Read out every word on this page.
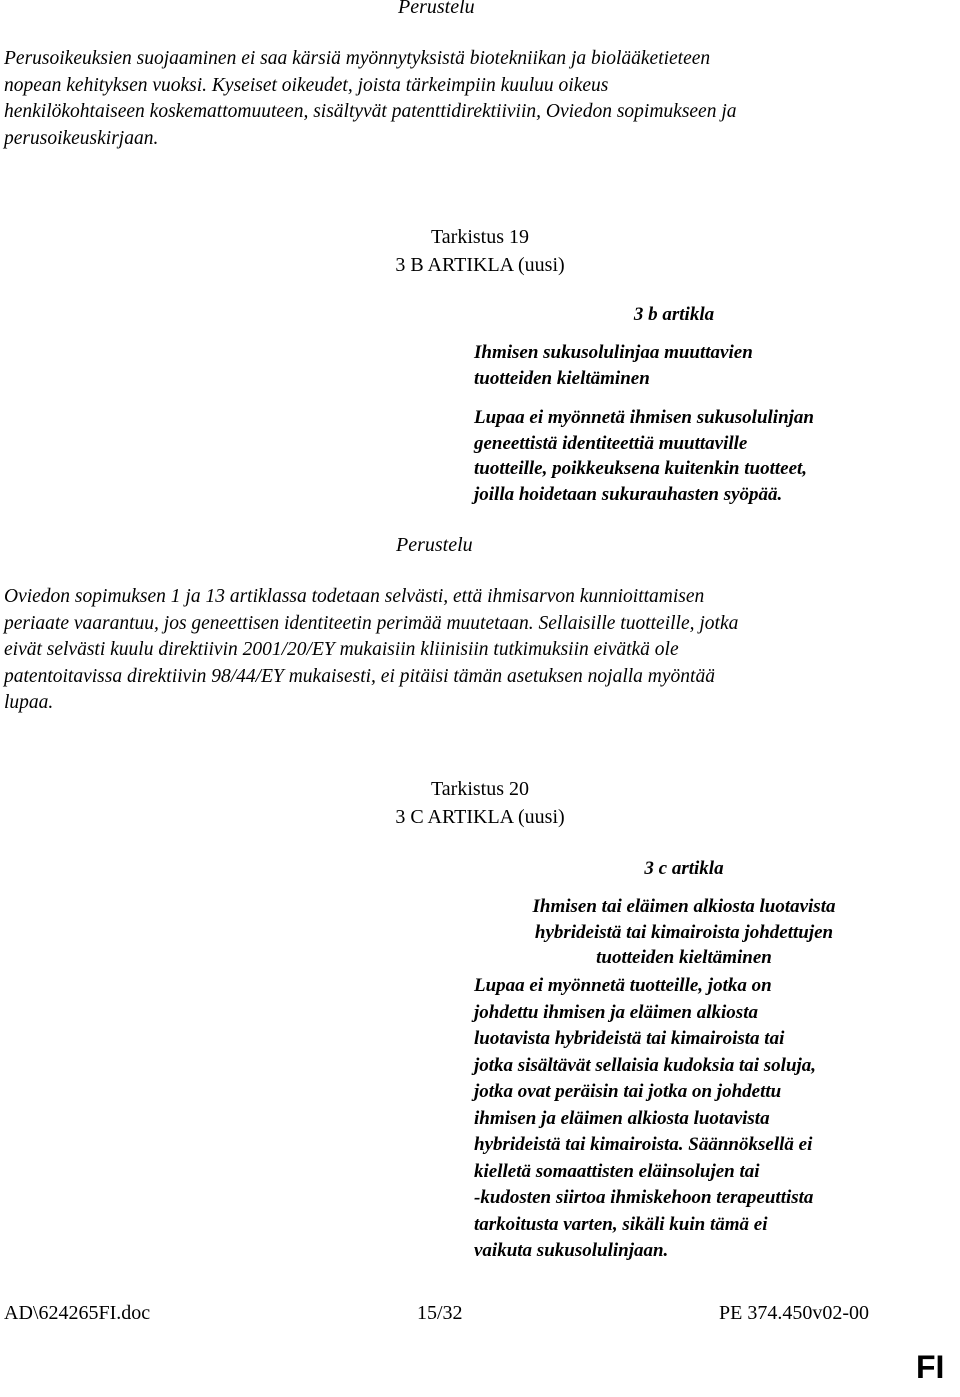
Perustelu
Perusoikeuksien suojaaminen ei saa kärsiä myönnytyksistä biotekniikan ja biolääketieteen
nopean kehityksen vuoksi. Kyseiset oikeudet, joista tärkeimpiin kuuluu oikeus
henkilökohtaiseen koskemattomuuteen, sisältyvät patenttidirektiiviin, Oviedon sopimukseen ja
perusoikeuskirjaan.
Tarkistus 19
3 B ARTIKLA (uusi)
3 b artikla
Ihmisen sukusolulinjaa muuttavien
tuotteiden kieltäminen
Lupaa ei myönnetä ihmisen sukusolulinjan
geneettistä identiteettiä muuttaville
tuotteille, poikkeuksena kuitenkin tuotteet,
joilla hoidetaan sukurauhasten syöpää.
Perustelu
Oviedon sopimuksen 1 ja 13 artiklassa todetaan selvästi, että ihmisarvon kunnioittamisen
periaate vaarantuu, jos geneettisen identiteetin perimää muutetaan. Sellaisille tuotteille, jotka
eivät selvästi kuulu direktiivin 2001/20/EY mukaisiin kliinisiin tutkimuksiin eivätkä ole
patentoitavissa direktiivin 98/44/EY mukaisesti, ei pitäisi tämän asetuksen nojalla myöntää
lupaa.
Tarkistus 20
3 C ARTIKLA (uusi)
3 c artikla
Ihmisen tai eläimen alkiosta luotavista
hybrideistä tai kimairoista johdettujen
tuotteiden kieltäminen
Lupaa ei myönnetä tuotteille, jotka on
johdettu ihmisen ja eläimen alkiosta
luotavista hybrideistä tai kimairoista tai
jotka sisältävät sellaisia kudoksia tai soluja,
jotka ovat peräisin tai jotka on johdettu
ihmisen ja eläimen alkiosta luotavista
hybrideistä tai kimairoista. Säännöksellä ei
kielletä somaattisten eläinsolujen tai
-kudosten siirtoa ihmiskehoon terapeuttista
tarkoitusta varten, sikäli kuin tämä ei
vaikuta sukusolulinjaan.
AD\624265FI.doc	15/32	PE 374.450v02-00
FI
